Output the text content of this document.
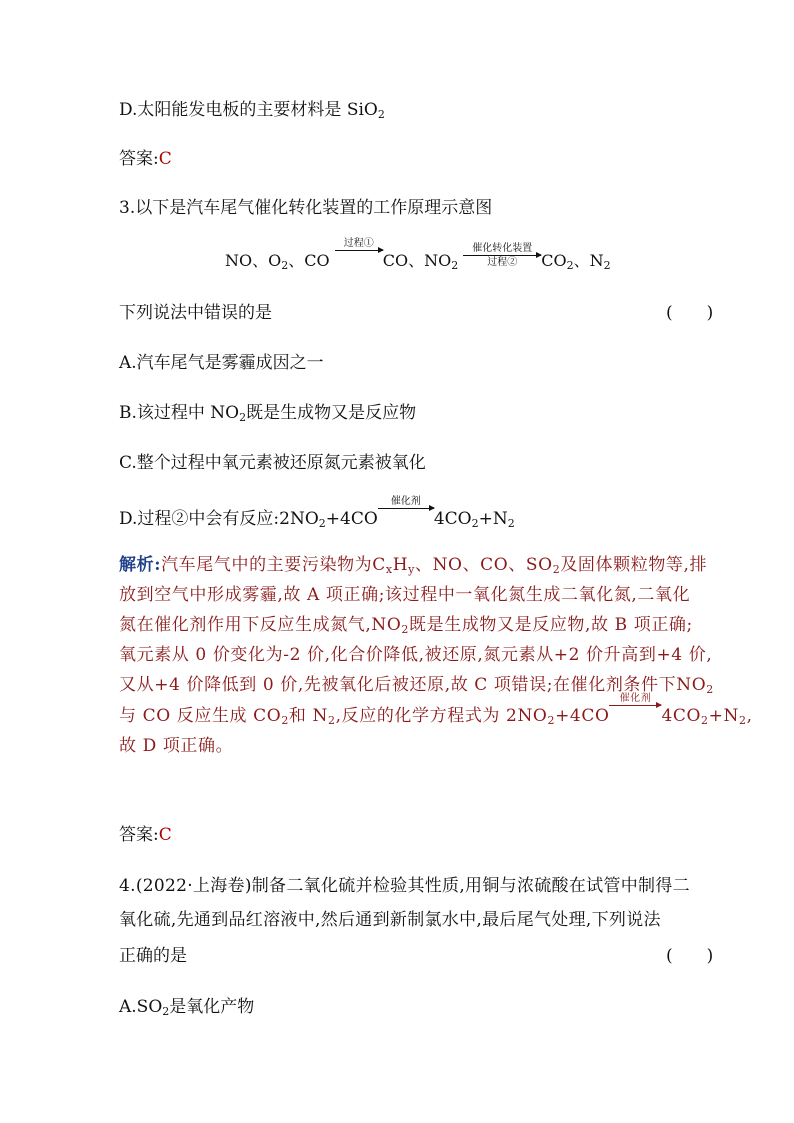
D.太阳能发电板的主要材料是 SiO$_2$
答案:C
3.以下是汽车尾气催化转化装置的工作原理示意图
NO、$O_2$、CO
过程①

CO、$NO_2$
催化转化装置
过程②	$CO_2$、$N_2$
下列说法中错误的是	(　　)
A.汽车尾气是雾霾成因之一
B.该过程中 $NO_2$既是生成物又是反应物
C.整个过程中氧元素被还原氮元素被氧化
D.过程②中会有反应$:2NO_2+4CO$
催化剂

$4CO_2+N_2$

解析:汽车尾气中的主要污染物为$C_xH_y$、NO、CO、$SO_2$及固体颗粒物等,排

放到空气中形成雾霾,故 A 项正确;该过程中一氧化氮生成二氧化氮,二氧化

氮在催化剂作用下反应生成氮气$,NO_2$既是生成物又是反应物,故 B 项正确;

氧元素从 0 价变化为-2 价,化合价降低,被还原,氮元素从+2 价升高到+4 价,

又从+4 价降低到 0 价,先被氧化后被还原,故 C 项错误;在催化剂条件下$NO_2$

与 CO 反应生成 $CO_2$和 $N_2$,反应的化学方程式为 $2NO_2+4CO$
催化剂

$4CO_2+N_2$,

故 D 项正确。

答案:C
4.(2022·上海卷)制备二氧化硫并检验其性质,用铜与浓硫酸在试管中制得二
氧化硫,先通到品红溶液中,然后通到新制氯水中,最后尾气处理,下列说法
正确的是	(　　)
$A.SO_2$是氧化产物
